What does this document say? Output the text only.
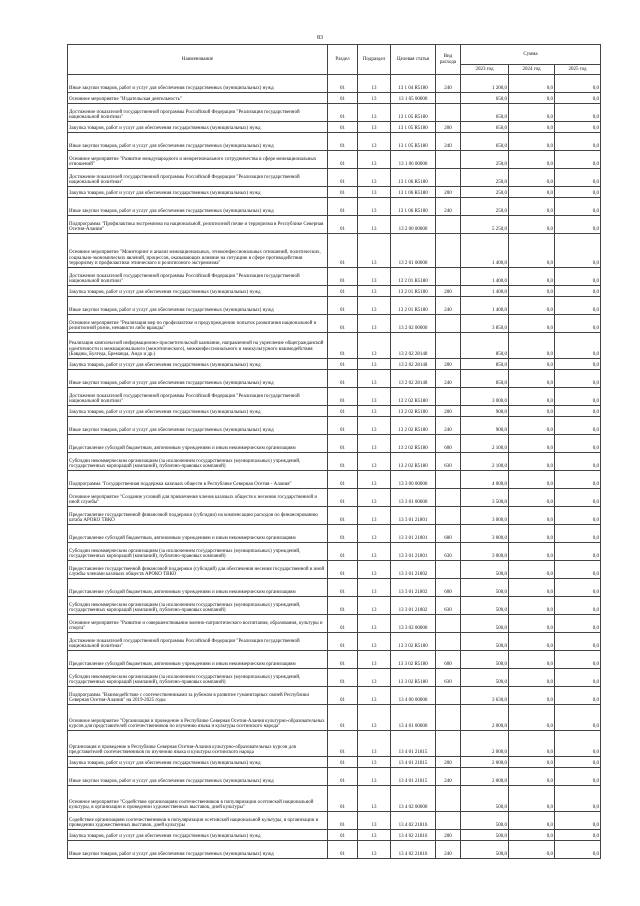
83
Наименование	Раздел	Подраздел	Целевая статья	Вид расхода	Сумма		
					2023 год	2024 год	2025 год
Иные закупки товаров, работ и услуг для обеспечения государственных (муниципальных) нужд	01	13	13 1 04 R5180	240	1 200,0	0,0	0,0
Основное мероприятие "Издательская деятельность"	01	13	13 1 05 00000		650,0	0,0	0,0
Достижение показателей государственной программы Российской Федерации "Реализация государственной национальной политики"	01	13	13 1 05 R5180		650,0	0,0	0,0
Закупка товаров, работ и услуг для обеспечения государственных (муниципальных) нужд	01	13	13 1 05 R5180	200	650,0	0,0	0,0
Иные закупки товаров, работ и услуг для обеспечения государственных (муниципальных) нужд	01	13	13 1 05 R5180	240	650,0	0,0	0,0
Основное мероприятие "Развитие международного и межрегионального сотрудничества в сфере межнациональных отношений"	01	13	13 1 06 00000		250,0	0,0	0,0
Достижение показателей государственной программы Российской Федерации "Реализация государственной национальной политики"	01	13	13 1 06 R5180		250,0	0,0	0,0
Закупка товаров, работ и услуг для обеспечения государственных (муниципальных) нужд	01	13	13 1 06 R5180	200	250,0	0,0	0,0
Иные закупки товаров, работ и услуг для обеспечения государственных (муниципальных) нужд	01	13	13 1 06 R5180	240	250,0	0,0	0,0
Подпрограмма "Профилактика экстремизма на национальной, религиозной почве и терроризма в Республике Северная Осетия-Алания"	01	13	13 2 00 00000		5 250,0	0,0	0,0
Основное мероприятие "Мониторинг и анализ межнациональных, этноконфессиональных отношений, политических, социально-экономических явлений, процессов, оказывающих влияние на ситуацию в сфере противодействия терроризму и профилактики этнического и религиозного экстремизма"	01	13	13 2 01 00000		1 400,0	0,0	0,0
Достижение показателей государственной программы Российской Федерации "Реализация государственной национальной политики"	01	13	13 2 01 R5180		1 400,0	0,0	0,0
Закупка товаров, работ и услуг для обеспечения государственных (муниципальных) нужд	01	13	13 2 01 R5180	200	1 400,0	0,0	0,0
Иные закупки товаров, работ и услуг для обеспечения государственных (муниципальных) нужд	01	13	13 2 01 R5180	240	1 400,0	0,0	0,0
Основное мероприятие "Реализация мер по профилактике и предупреждению попыток разжигания национальной и религиозной розни, ненависти либо вражды"	01	13	13 2 02 00000		3 850,0	0,0	0,0
Реализация комплексной информационно-просветительской кампании, направленной на укрепление общегражданской идентичности и межнационального (межэтнического), межконфессионального и межкультурного взаимодействия (Бавдны, Булгеда, Бреманда, Андо и др.)	01	13	13 2 02 28148		850,0	0,0	0,0
Закупка товаров, работ и услуг для обеспечения государственных (муниципальных) нужд	01	13	13 2 02 28148	200	850,0	0,0	0,0
Иные закупки товаров, работ и услуг для обеспечения государственных (муниципальных) нужд	01	13	13 2 02 28148	240	850,0	0,0	0,0
Достижение показателей государственной программы Российской Федерации "Реализация государственной национальной политики"	01	13	13 2 02 R5180		3 000,0	0,0	0,0
Закупка товаров, работ и услуг для обеспечения государственных (муниципальных) нужд	01	13	13 2 02 R5180	200	900,0	0,0	0,0
Иные закупки товаров, работ и услуг для обеспечения государственных (муниципальных) нужд	01	13	13 2 02 R5180	240	900,0	0,0	0,0
Предоставление субсидий бюджетным, автономным учреждениям и иным некоммерческим организациям	01	13	13 2 02 R5180	600	2 100,0	0,0	0,0
Субсидии некоммерческим организациям (за исключением государственных (муниципальных) учреждений, государственных корпораций (компаний), публично-правовых компаний)	01	13	13 2 02 R5180	630	2 100,0	0,0	0,0
Подпрограмма "Государственная поддержка казачьих обществ в Республике Северная Осетия - Алания"	01	13	13 3 00 00000		4 000,0	0,0	0,0
Основное мероприятие "Создание условий для привлечения членов казачьих обществ к несению государственной и иной службы"	01	13	13 3 01 00000		3 500,0	0,0	0,0
Предоставление государственной финансовой поддержки (субсидии) на компенсацию расходов по финансированию штаба АРОКО ТВКО	01	13	13 3 01 21801		3 000,0	0,0	0,0
Предоставление субсидий бюджетным, автономным учреждениям и иным некоммерческим организациям	01	13	13 3 01 21801	600	3 000,0	0,0	0,0
Субсидии некоммерческим организациям (за исключением государственных (муниципальных) учреждений, государственных корпораций (компаний), публично-правовых компаний)	01	13	13 3 01 21801	630	3 000,0	0,0	0,0
Предоставление государственной финансовой поддержки (субсидий) для обеспечения несения государственной и иной службы членами казачьих обществ АРОКО ТВКО	01	13	13 3 01 21802		500,0	0,0	0,0
Предоставление субсидий бюджетным, автономным учреждениям и иным некоммерческим организациям	01	13	13 3 01 21802	600	500,0	0,0	0,0
Субсидии некоммерческим организациям (за исключением государственных (муниципальных) учреждений, государственных корпораций (компаний), публично-правовых компаний)	01	13	13 3 01 21802	630	500,0	0,0	0,0
Основное мероприятие "Развитие и совершенствование военно-патриотического воспитания, образования, культуры и спорта"	01	13	13 3 02 00000		500,0	0,0	0,0
Достижение показателей государственной программы Российской Федерации "Реализация государственной национальной политики"	01	13	13 3 02 R5180		500,0	0,0	0,0
Предоставление субсидий бюджетным, автономным учреждениям и иным некоммерческим организациям	01	13	13 3 02 R5180	600	500,0	0,0	0,0
Субсидии некоммерческим организациям (за исключением государственных (муниципальных) учреждений, государственных корпораций (компаний), публично-правовых компаний)	01	13	13 3 02 R5180	630	500,0	0,0	0,0
Подпрограмма "Взаимодействие с соотечественниками за рубежом в развитие гуманитарных связей Республики Северная Осетия-Алания" на 2019-2025 годы	01	13	13 4 00 00000		3 630,0	0,0	0,0
Основное мероприятие "Организация и проведение в Республике Северная Осетия-Алания культурно-образовательных курсов для представителей соотечественников по изучению языка и культуры осетинского народа"	01	13	13 4 01 00000		2 000,0	0,0	0,0
Организация и проведение в Республике Северная Осетия-Алания культурно-образовательных курсов для представителей соотечественников по изучению языка и культуры осетинского народа	01	13	13 4 01 21815		2 000,0	0,0	0,0
Закупка товаров, работ и услуг для обеспечения государственных (муниципальных) нужд	01	13	13 4 01 21815	200	2 000,0	0,0	0,0
Иные закупки товаров, работ и услуг для обеспечения государственных (муниципальных) нужд	01	13	13 4 01 21815	240	2 000,0	0,0	0,0
Основное мероприятие "Содействие организациям соотечественников в популяризации осетинской национальной культуры, в организации и проведении художественных выставок, дней культуры"	01	13	13 4 02 00000		500,0	0,0	0,0
Содействие организациям соотечественников в популяризации осетинской национальной культуры, в организации и проведении художественных выставок, дней культуры	01	13	13 4 02 21816		500,0	0,0	0,0
Закупка товаров, работ и услуг для обеспечения государственных (муниципальных) нужд	01	13	13 4 02 21816	200	500,0	0,0	0,0
Иные закупки товаров, работ и услуг для обеспечения государственных (муниципальных) нужд	01	13	13 4 02 21816	240	500,0	0,0	0,0
